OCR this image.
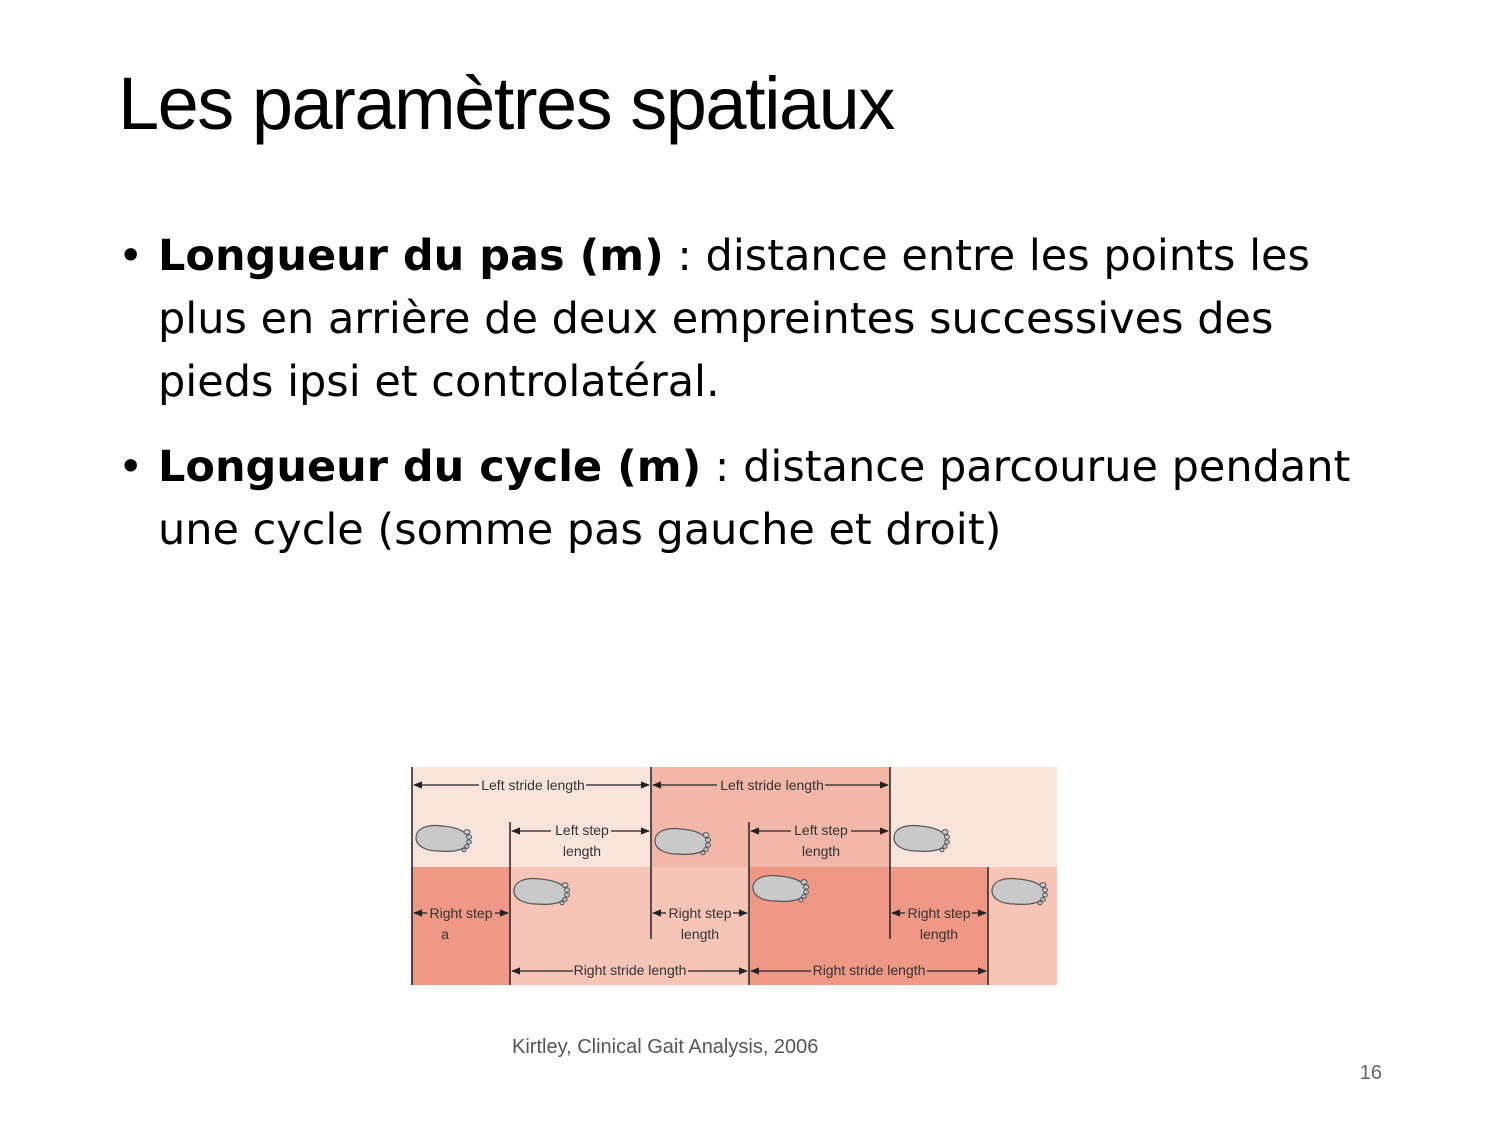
Les paramètres spatiaux
• Longueur du pas (m) : distance entre les points les plus en arrière de deux empreintes successives des pieds ipsi et controlatéral.
• Longueur du cycle (m) : distance parcourue pendant une cycle (somme pas gauche et droit)
Left stride length	Left stride length
Left step
length
Left step
length
Right step
a
Right step
length
Right step
length
Right stride length	Right stride length
Kirtley, Clinical Gait Analysis, 2006
16
